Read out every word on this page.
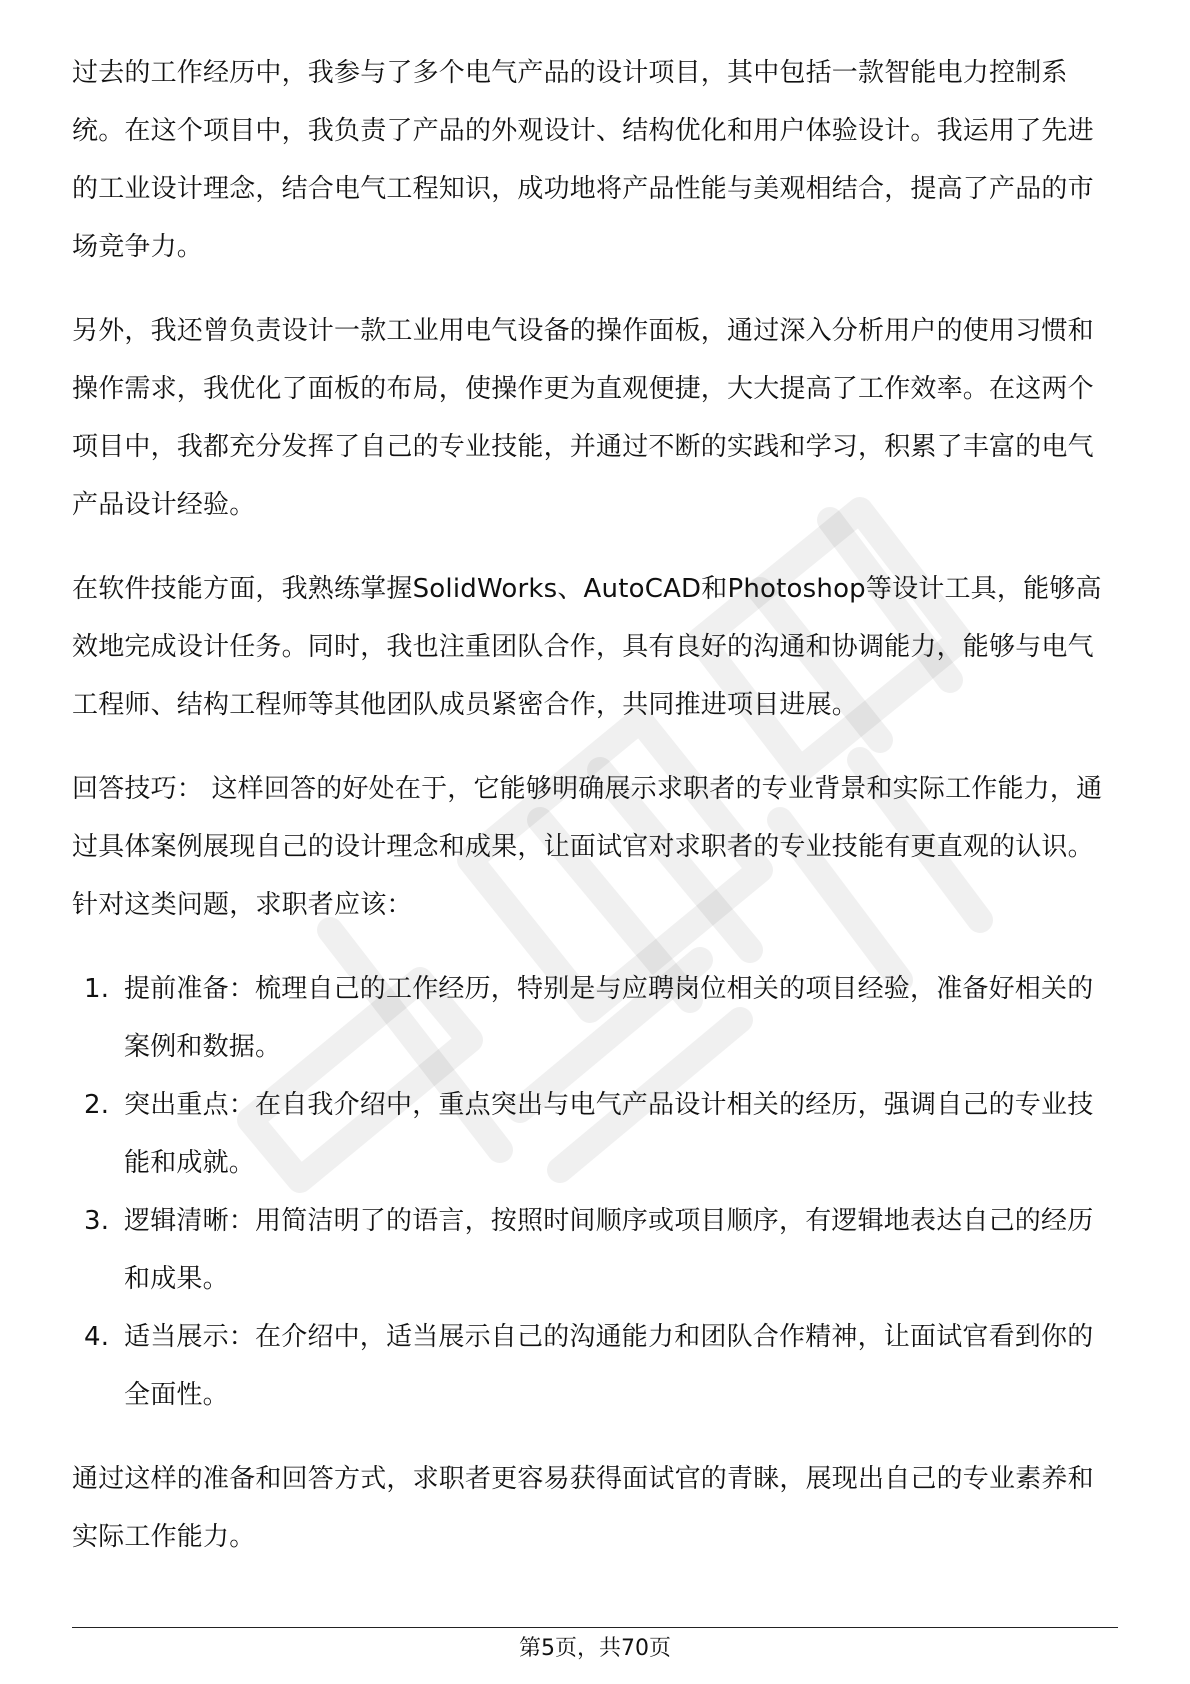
过去的工作经历中，我参与了多个电气产品的设计项目，其中包括一款智能电力控制系统。在这个项目中，我负责了产品的外观设计、结构优化和用户体验设计。我运用了先进的工业设计理念，结合电气工程知识，成功地将产品性能与美观相结合，提高了产品的市场竞争力。

另外，我还曾负责设计一款工业用电气设备的操作面板，通过深入分析用户的使用习惯和操作需求，我优化了面板的布局，使操作更为直观便捷，大大提高了工作效率。在这两个项目中，我都充分发挥了自己的专业技能，并通过不断的实践和学习，积累了丰富的电气产品设计经验。

在软件技能方面，我熟练掌握SolidWorks、AutoCAD和Photoshop等设计工具，能够高效地完成设计任务。同时，我也注重团队合作，具有良好的沟通和协调能力，能够与电气工程师、结构工程师等其他团队成员紧密合作，共同推进项目进展。

回答技巧： 这样回答的好处在于，它能够明确展示求职者的专业背景和实际工作能力，通过具体案例展现自己的设计理念和成果，让面试官对求职者的专业技能有更直观的认识。针对这类问题，求职者应该：

1. 提前准备：梳理自己的工作经历，特别是与应聘岗位相关的项目经验，准备好相关的案例和数据。
2. 突出重点：在自我介绍中，重点突出与电气产品设计相关的经历，强调自己的专业技能和成就。
3. 逻辑清晰：用简洁明了的语言，按照时间顺序或项目顺序，有逻辑地表达自己的经历和成果。
4. 适当展示：在介绍中，适当展示自己的沟通能力和团队合作精神，让面试官看到你的全面性。

通过这样的准备和回答方式，求职者更容易获得面试官的青睐，展现出自己的专业素养和实际工作能力。

第5页，共70页
